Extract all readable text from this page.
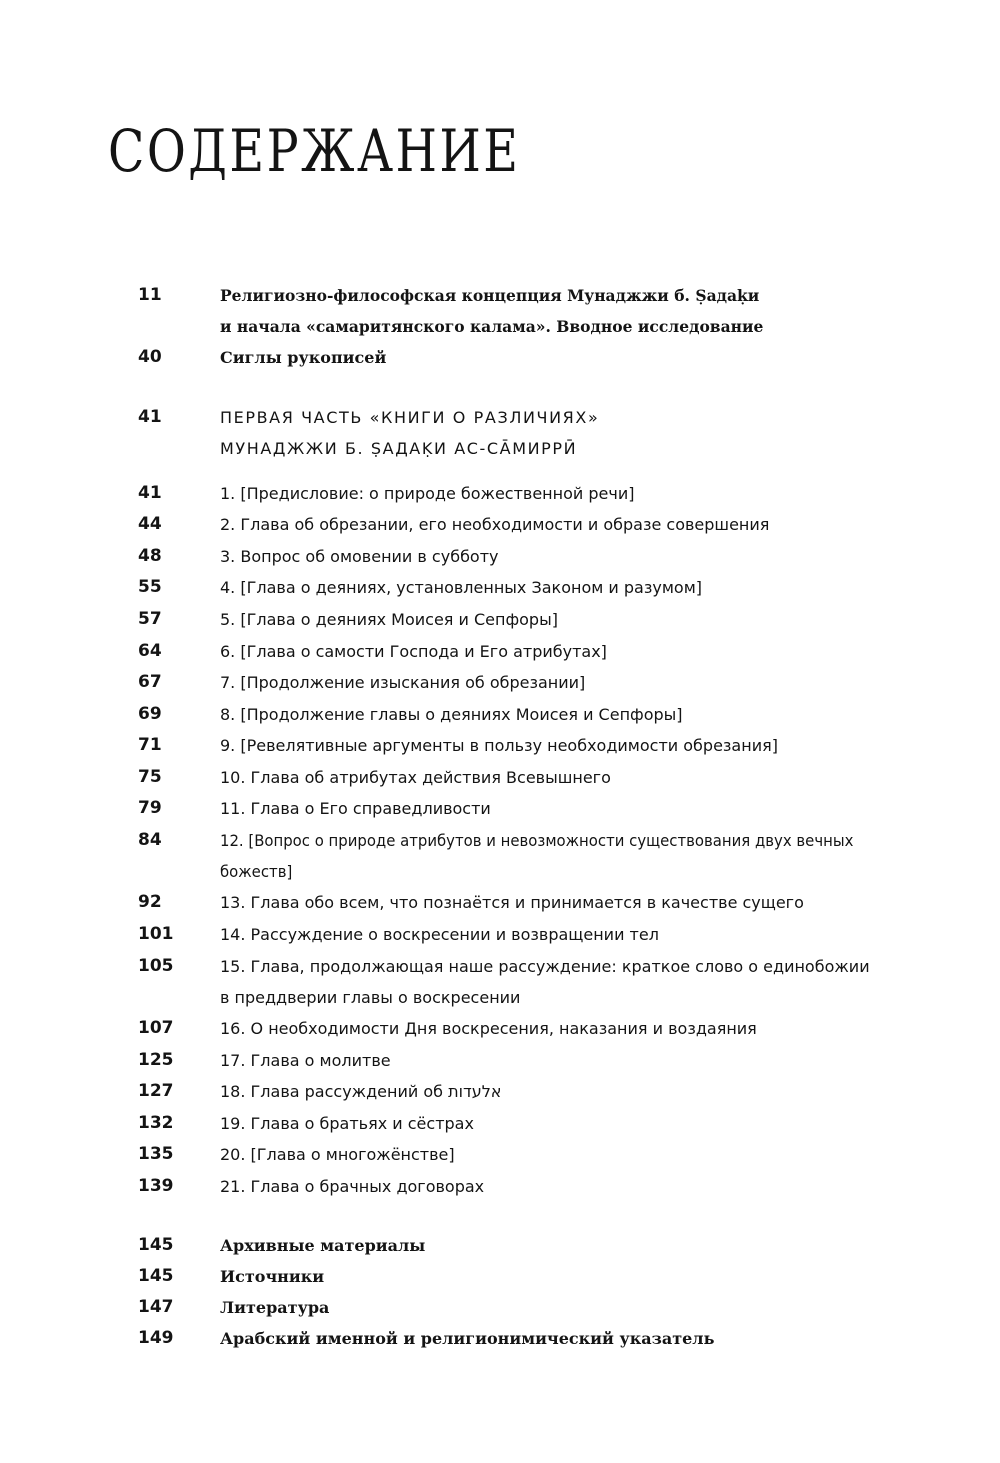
СОДЕРЖАНИЕ
11	Религиозно-философская концепция Мунаджжи б. Ṣадаḳи
и начала «самаритянского калама». Вводное исследование
40	Сиглы рукописей
41	ПЕРВАЯ ЧАСТЬ «КНИГИ О РАЗЛИЧИЯХ»
МУНАДЖЖИ Б. ṢАДАḲИ АС-СĀМИРРӢ
41	1. [Предисловие: о природе божественной речи]
44	2. Глава об обрезании, его необходимости и образе совершения
48	3. Вопрос об омовении в субботу
55	4. [Глава о деяниях, установленных Законом и разумом]
57	5. [Глава о деяниях Моисея и Сепфоры]
64	6. [Глава о самости Господа и Его атрибутах]
67	7. [Продолжение изыскания об обрезании]
69	8. [Продолжение главы о деяниях Моисея и Сепфоры]
71	9. [Ревелятивные аргументы в пользу необходимости обрезания]
75	10. Глава об атрибутах действия Всевышнего
79	11. Глава о Его справедливости
84	12. [Вопрос о природе атрибутов и невозможности существования двух вечных
божеств]
92	13. Глава обо всем, что познаётся и принимается в качестве сущего
101	14. Рассуждение о воскресении и возвращении тел
105	15. Глава, продолжающая наше рассуждение: краткое слово о единобожии
в преддверии главы о воскресении
107	16. О необходимости Дня воскресения, наказания и воздаяния
125	17. Глава о молитве
127	18. Глава рассуждений об אלעדות
132	19. Глава о братьях и сёстрах
135	20. [Глава о многожёнстве]
139	21. Глава о брачных договорах
145	Архивные материалы
145	Источники
147	Литература
149	Арабский именной и религионимический указатель
